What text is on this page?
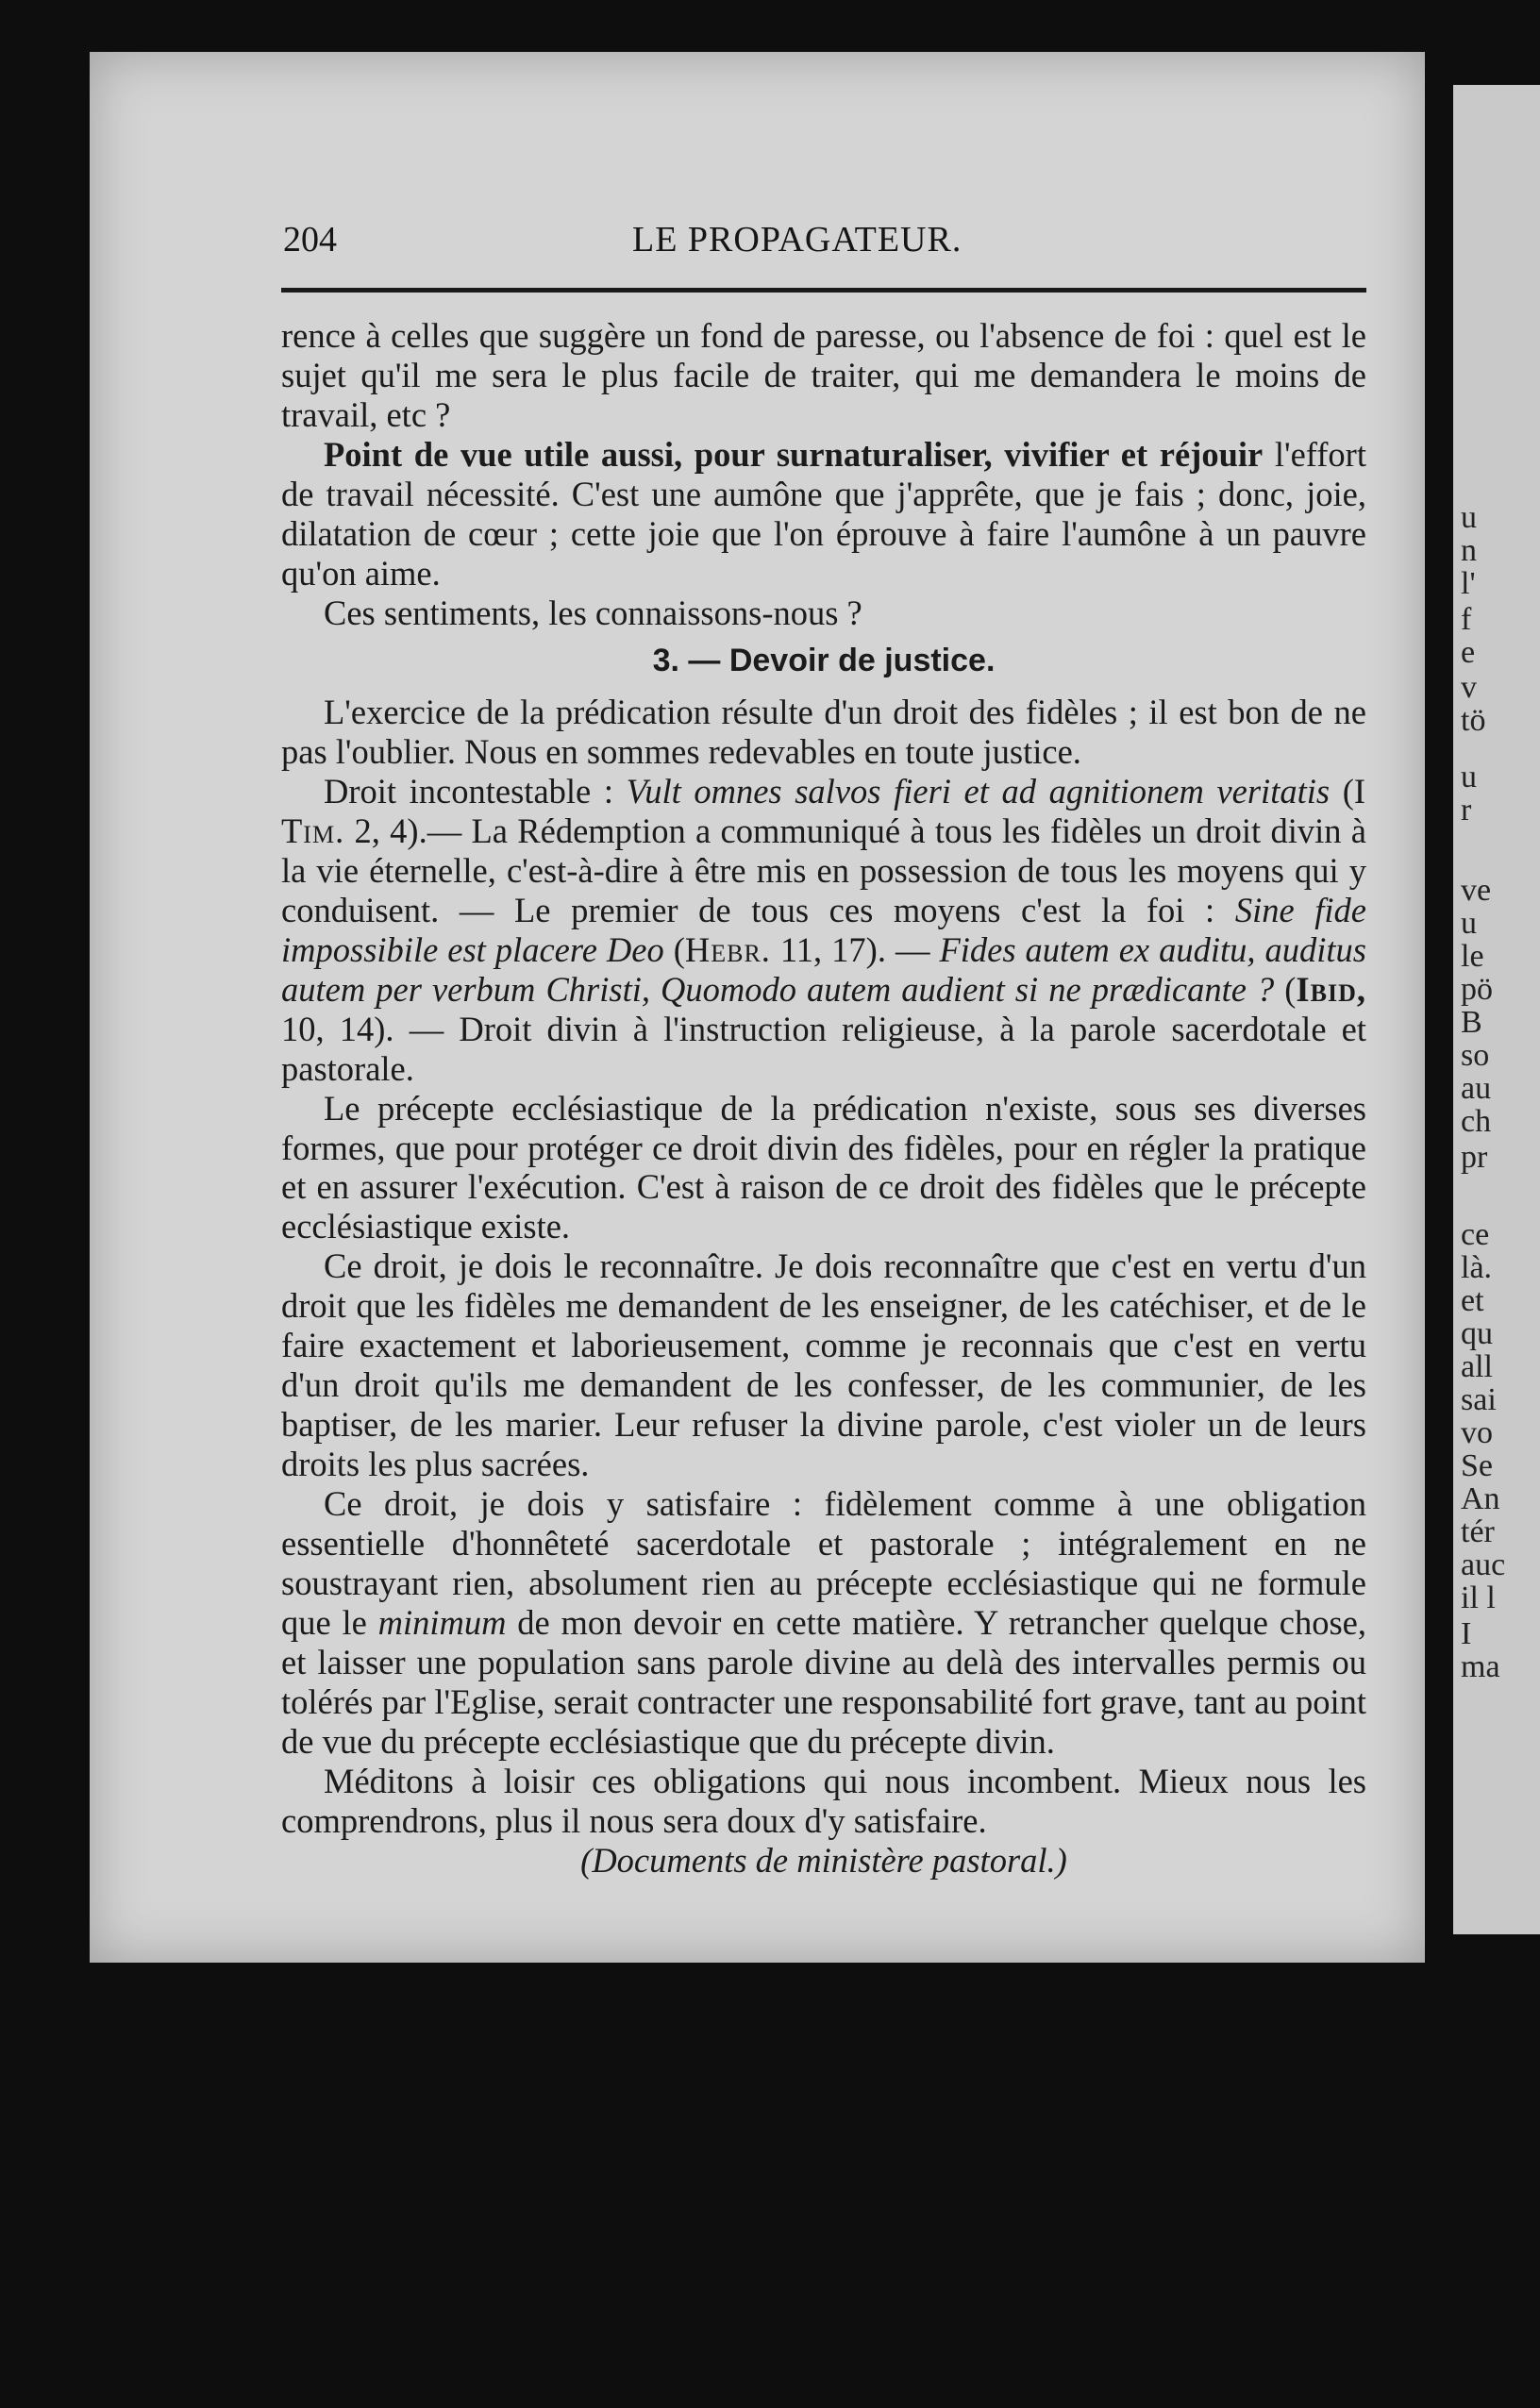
u
n
l'
f
e
v
tö
u
r
ve
u
le
pö
B
so
au
ch
pr
ce
là.
et
qu
all
sai
vo
Se
An
tér
auc
il l
I
ma
204	LE PROPAGATEUR.

rence à celles que suggère un fond de paresse, ou l'absence de foi : quel est le sujet qu'il me sera le plus facile de traiter, qui me demandera le moins de travail, etc ?

Point de vue utile aussi, pour surnaturaliser, vivifier et réjouir l'effort de travail nécessité. C'est une aumône que j'apprête, que je fais ; donc, joie, dilatation de cœur ; cette joie que l'on éprouve à faire l'aumône à un pauvre qu'on aime.

Ces sentiments, les connaissons-nous ?

3. — Devoir de justice.

L'exercice de la prédication résulte d'un droit des fidèles ; il est bon de ne pas l'oublier. Nous en sommes redevables en toute justice.

Droit incontestable : Vult omnes salvos fieri et ad agnitionem veritatis (I Tim. 2, 4).— La Rédemption a communiqué à tous les fidèles un droit divin à la vie éternelle, c'est-à-dire à être mis en possession de tous les moyens qui y conduisent. — Le premier de tous ces moyens c'est la foi : Sine fide impossibile est placere Deo (Hebr. 11, 17). — Fides autem ex auditu, auditus autem per verbum Christi, Quomodo autem audient si ne prædicante ? (Ibid, 10, 14). — Droit divin à l'instruction religieuse, à la parole sacerdotale et pastorale.

Le précepte ecclésiastique de la prédication n'existe, sous ses diverses formes, que pour protéger ce droit divin des fidèles, pour en régler la pratique et en assurer l'exécution. C'est à raison de ce droit des fidèles que le précepte ecclésiastique existe.

Ce droit, je dois le reconnaître. Je dois reconnaître que c'est en vertu d'un droit que les fidèles me demandent de les enseigner, de les catéchiser, et de le faire exactement et laborieusement, comme je reconnais que c'est en vertu d'un droit qu'ils me demandent de les confesser, de les communier, de les baptiser, de les marier. Leur refuser la divine parole, c'est violer un de leurs droits les plus sacrées.

Ce droit, je dois y satisfaire : fidèlement comme à une obligation essentielle d'honnêteté sacerdotale et pastorale ; intégralement en ne soustrayant rien, absolument rien au précepte ecclésiastique qui ne formule que le minimum de mon devoir en cette matière. Y retrancher quelque chose, et laisser une population sans parole divine au delà des intervalles permis ou tolérés par l'Eglise, serait contracter une responsabilité fort grave, tant au point de vue du précepte ecclésiastique que du précepte divin.

Méditons à loisir ces obligations qui nous incombent. Mieux nous les comprendrons, plus il nous sera doux d'y satisfaire.

(Documents de ministère pastoral.)
